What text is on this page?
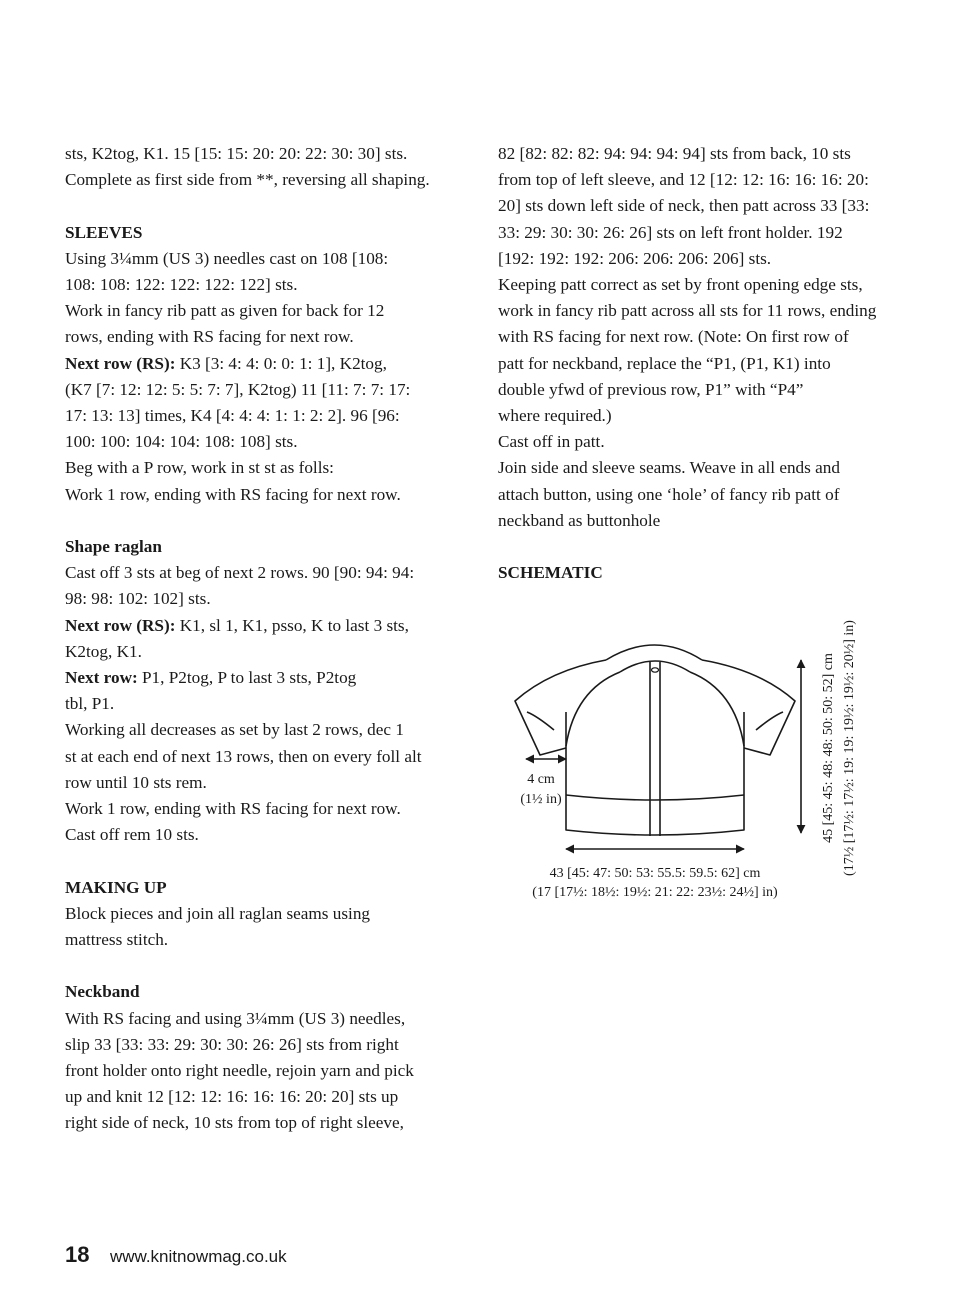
sts, K2tog, K1. 15 [15: 15: 20: 20: 22: 30: 30] sts.
Complete as first side from **, reversing all shaping.
SLEEVES
Using 3¼mm (US 3) needles cast on 108 [108:
108: 108: 122: 122: 122: 122] sts.
Work in fancy rib patt as given for back for 12
rows, ending with RS facing for next row.
Next row (RS): K3 [3: 4: 4: 0: 0: 1: 1], K2tog,
(K7 [7: 12: 12: 5: 5: 7: 7], K2tog) 11 [11: 7: 7: 17:
17: 13: 13] times, K4 [4: 4: 4: 1: 1: 2: 2]. 96 [96:
100: 100: 104: 104: 108: 108] sts.
Beg with a P row, work in st st as folls:
Work 1 row, ending with RS facing for next row.
Shape raglan
Cast off 3 sts at beg of next 2 rows. 90 [90: 94: 94:
98: 98: 102: 102] sts.
Next row (RS): K1, sl 1, K1, psso, K to last 3 sts,
K2tog, K1.
Next row: P1, P2tog, P to last 3 sts, P2tog
tbl, P1.
Working all decreases as set by last 2 rows, dec 1
st at each end of next 13 rows, then on every foll alt
row until 10 sts rem.
Work 1 row, ending with RS facing for next row.
Cast off rem 10 sts.
MAKING UP
Block pieces and join all raglan seams using
mattress stitch.
Neckband
With RS facing and using 3¼mm (US 3) needles,
slip 33 [33: 33: 29: 30: 30: 26: 26] sts from right
front holder onto right needle, rejoin yarn and pick
up and knit 12 [12: 12: 16: 16: 16: 20: 20] sts up
right side of neck, 10 sts from top of right sleeve,
82 [82: 82: 82: 94: 94: 94: 94] sts from back, 10 sts
from top of left sleeve, and 12 [12: 12: 16: 16: 16: 20:
20] sts down left side of neck, then patt across 33 [33:
33: 29: 30: 30: 26: 26] sts on left front holder. 192
[192: 192: 192: 206: 206: 206: 206] sts.
Keeping patt correct as set by front opening edge sts,
work in fancy rib patt across all sts for 11 rows, ending
with RS facing for next row. (Note: On first row of
patt for neckband, replace the “P1, (P1, K1) into
double yfwd of previous row, P1” with “P4”
where required.)
Cast off in patt.
Join side and sleeve seams. Weave in all ends and
attach button, using one ‘hole’ of fancy rib patt of
neckband as buttonhole
SCHEMATIC
4 cm
(1½ in)
43 [45: 47: 50: 53: 55.5: 59.5: 62] cm
(17 [17½: 18½: 19½: 21: 22: 23½: 24½] in)
45 [45: 45: 48: 48: 50: 50: 52] cm (17½ [17½: 17½: 19: 19: 19½: 19½: 20½] in)
18 www.knitnowmag.co.uk
